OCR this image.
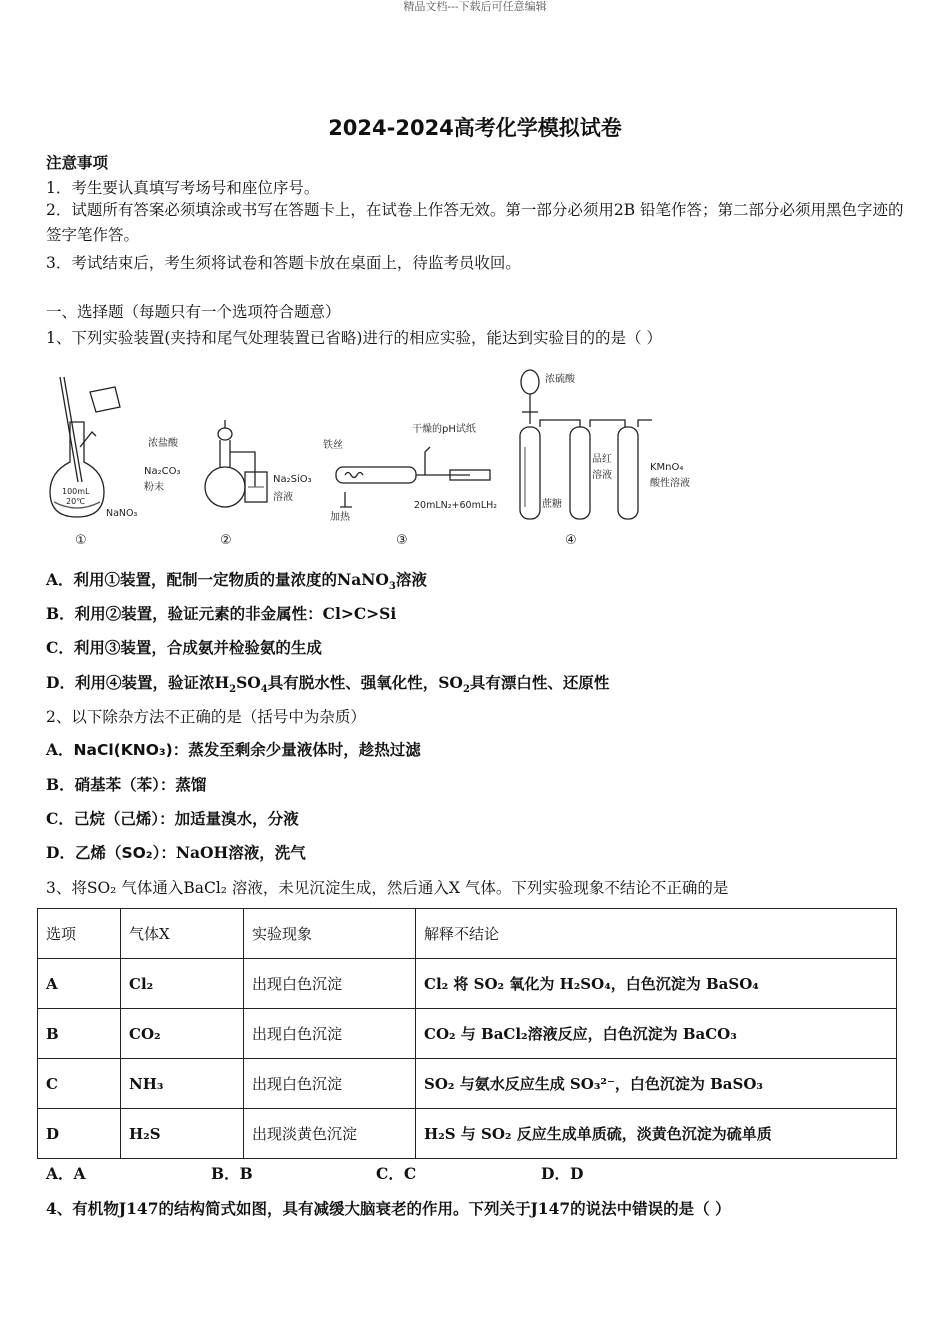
精品文档---下载后可任意编辑
2024-2024高考化学模拟试卷
注意事项
1．考生要认真填写考场号和座位序号。
2．试题所有答案必须填涂或书写在答题卡上，在试卷上作答无效。第一部分必须用2B 铅笔作答；第二部分必须用黑色字迹的签字笔作答。
3．考试结束后，考生须将试卷和答题卡放在桌面上，待监考员收回。
一、选择题（每题只有一个选项符合题意）
1、下列实验装置(夹持和尾气处理装置已省略)进行的相应实验，能达到实验目的的是（ ）
100mL
20℃
NaNO₃
①
浓盐酸
Na₂CO₃
粉末
Na₂SiO₃
溶液
②
铁丝
加热
干燥的pH试纸
20mLN₂+60mLH₂
③
浓硫酸
蔗糖
品红
溶液
KMnO₄
酸性溶液
④
A．利用①装置，配制一定物质的量浓度的NaNO$_3$溶液
B．利用②装置，验证元素的非金属性：Cl>C>Si
C．利用③装置，合成氨并检验氨的生成
D．利用④装置，验证浓$H_2SO_4$具有脱水性、强氧化性，$SO_2$具有漂白性、还原性
2、以下除杂方法不正确的是（括号中为杂质）
A．NaCl(KNO₃)：蒸发至剩余少量液体时，趁热过滤
B．硝基苯（苯）：蒸馏
C．己烷（己烯）：加适量溴水，分液
D．乙烯（SO₂）：NaOH溶液，洗气
3、将SO₂ 气体通入BaCl₂ 溶液，未见沉淀生成，然后通入X 气体。下列实验现象不结论不正确的是
选项	气体X	实验现象	解释不结论
A	Cl₂	出现白色沉淀	Cl₂ 将 SO₂ 氧化为 H₂SO₄，白色沉淀为 BaSO₄
B	CO₂	出现白色沉淀	CO₂ 与 BaCl₂溶液反应，白色沉淀为 BaCO₃
C	NH₃	出现白色沉淀	SO₂ 与氨水反应生成 SO₃²⁻，白色沉淀为 BaSO₃
D	H₂S	出现淡黄色沉淀	H₂S 与 SO₂ 反应生成单质硫，淡黄色沉淀为硫单质
A．A	B．B	C．C	D．D
4、有机物J147的结构简式如图，具有减缓大脑衰老的作用。下列关于J147的说法中错误的是（ ）
